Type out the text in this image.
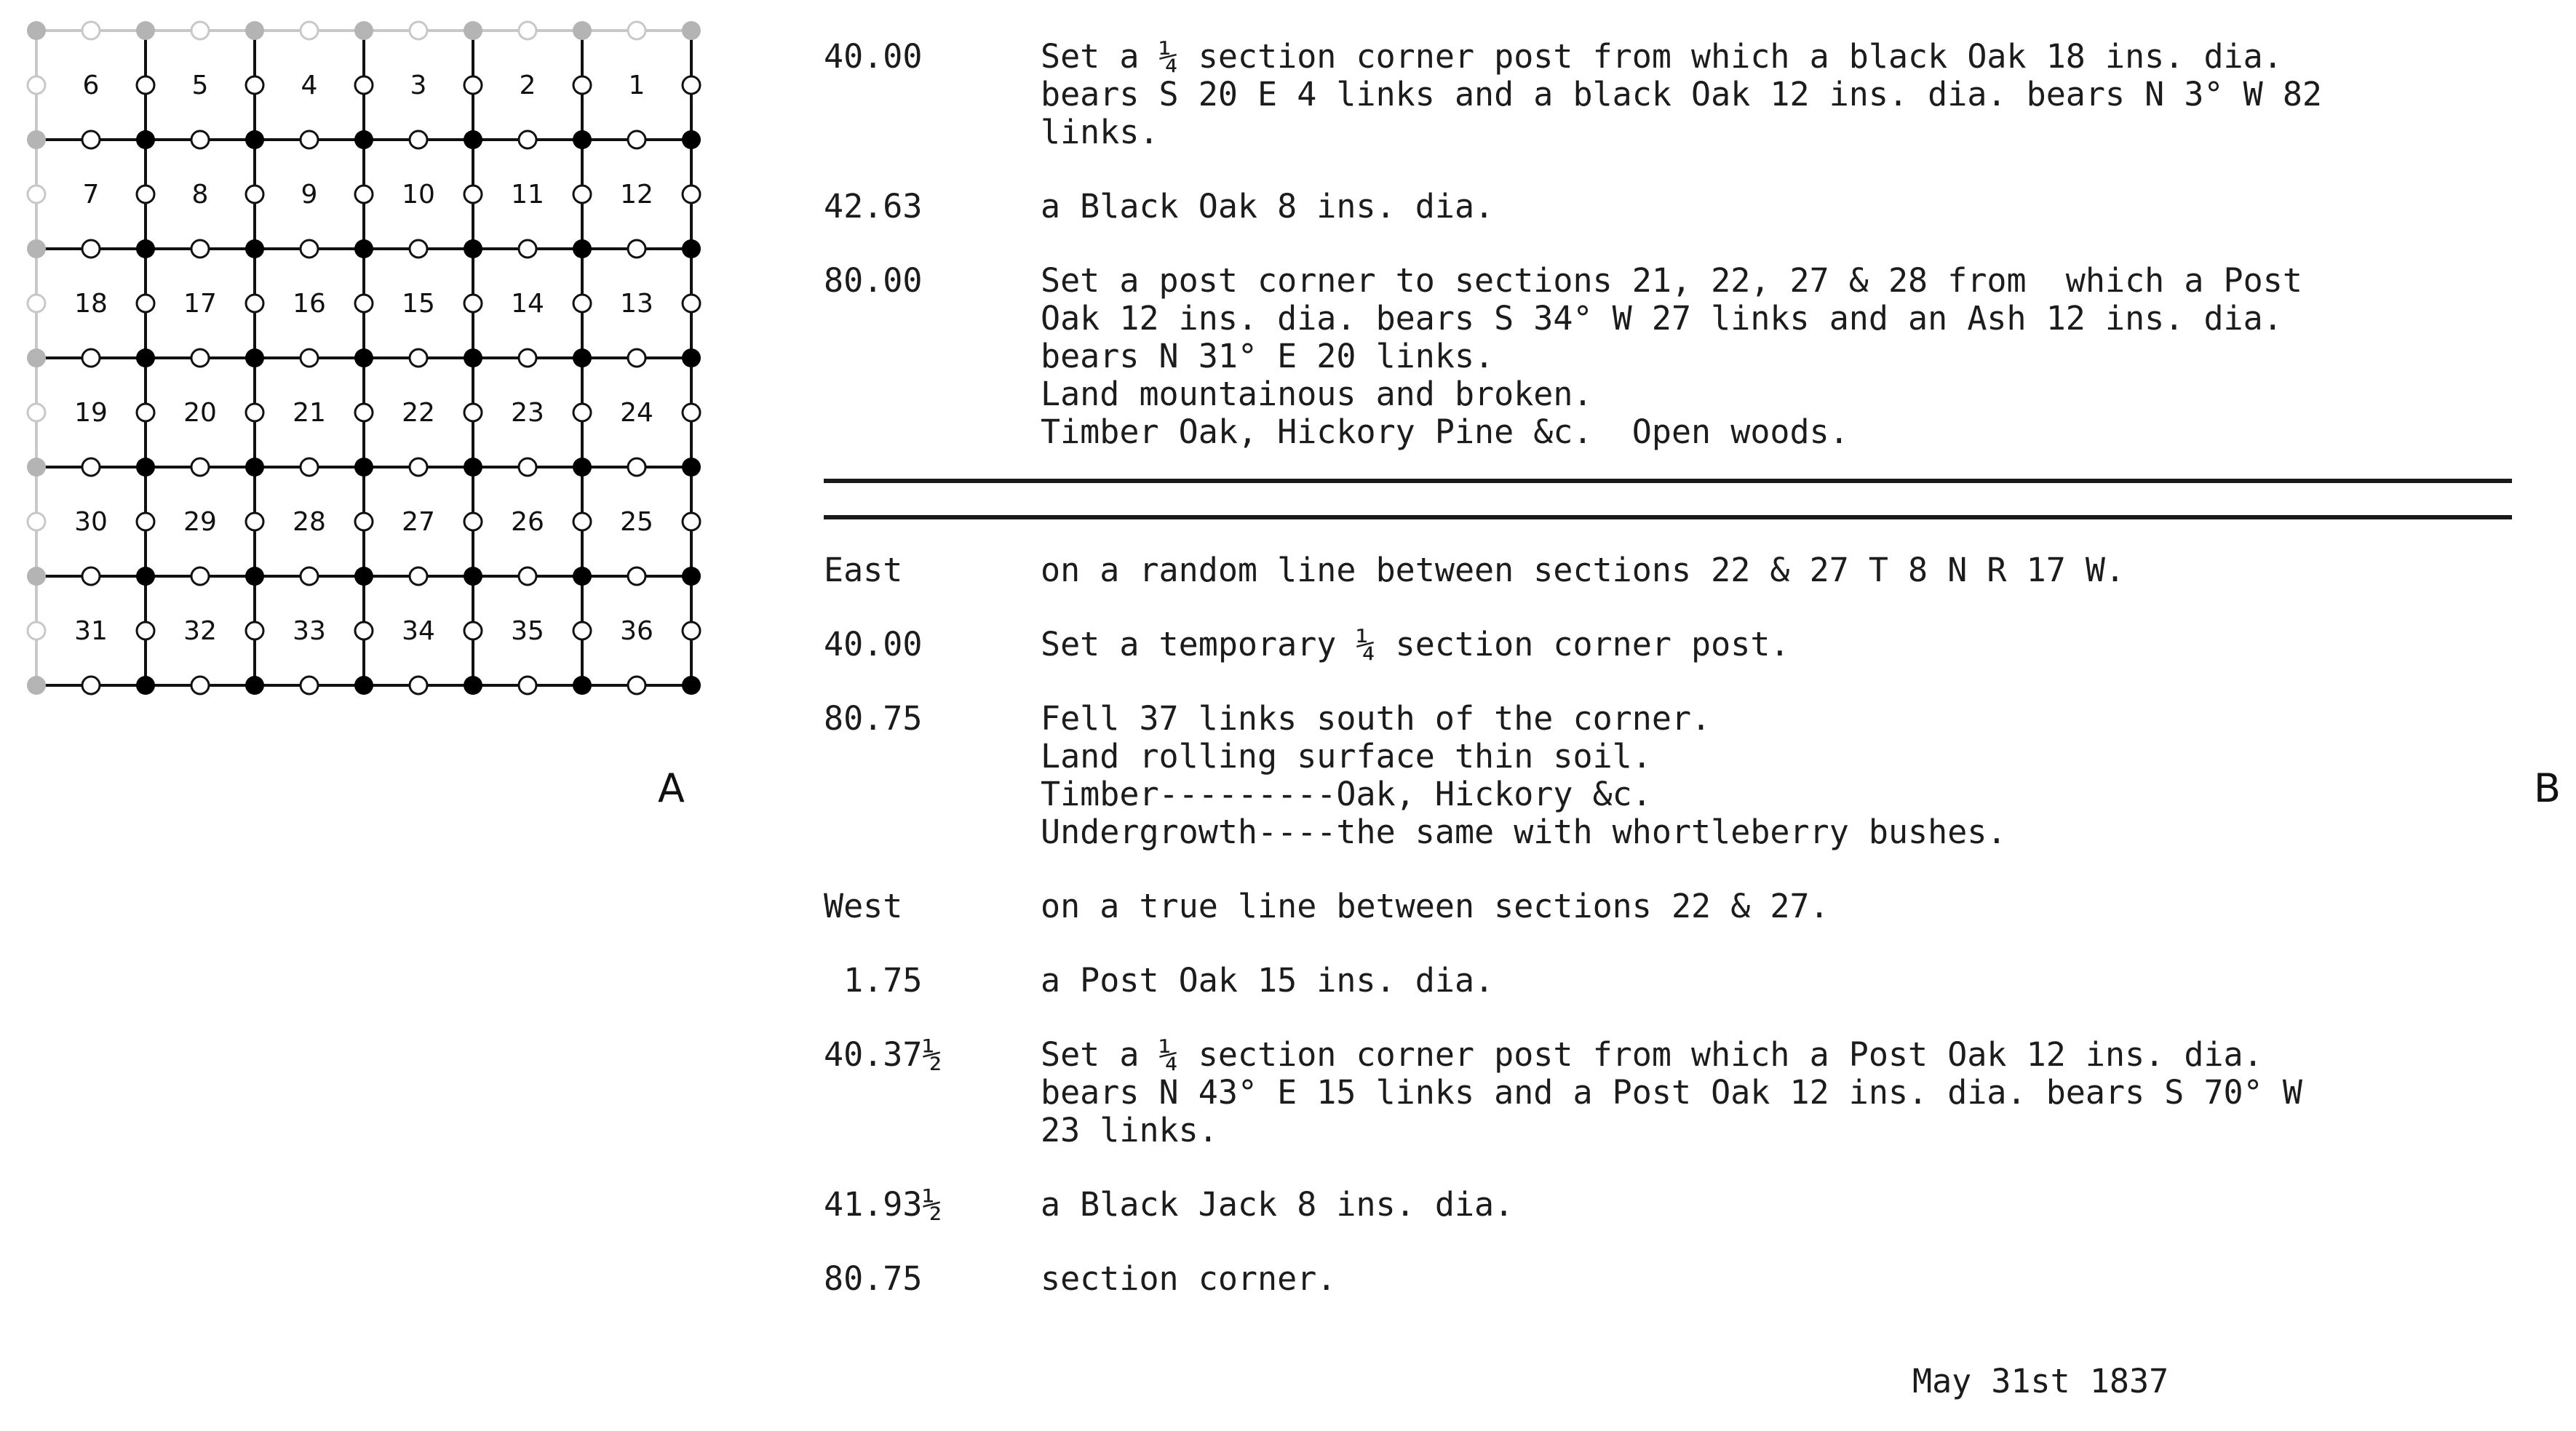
6	5	4	3	2	1
7	8	9	10	11	12
18	17	16	15	14	13
19	20	21	22	23	24
30	29	28	27	26	25
31	32	33	34	35	36
A
40.00	Set a ¼ section corner post from which a black Oak 18 ins. dia.
bears S 20 E 4 links and a black Oak 12 ins. dia. bears N 3° W 82
links.
42.63	a Black Oak 8 ins. dia.
80.00	Set a post corner to sections 21, 22, 27 & 28 from  which a Post
Oak 12 ins. dia. bears S 34° W 27 links and an Ash 12 ins. dia.
bears N 31° E 20 links.
Land mountainous and broken.
Timber Oak, Hickory Pine &c.  Open woods.
East	on a random line between sections 22 & 27 T 8 N R 17 W.
40.00	Set a temporary ¼ section corner post.
80.75	Fell 37 links south of the corner.
Land rolling surface thin soil.
Timber---------Oak, Hickory &c.
Undergrowth----the same with whortleberry bushes.
West	on a true line between sections 22 & 27.
1.75	a Post Oak 15 ins. dia.
40.37½	Set a ¼ section corner post from which a Post Oak 12 ins. dia.
bears N 43° E 15 links and a Post Oak 12 ins. dia. bears S 70° W
23 links.
41.93½	a Black Jack 8 ins. dia.
80.75	section corner.
May 31st 1837
B
